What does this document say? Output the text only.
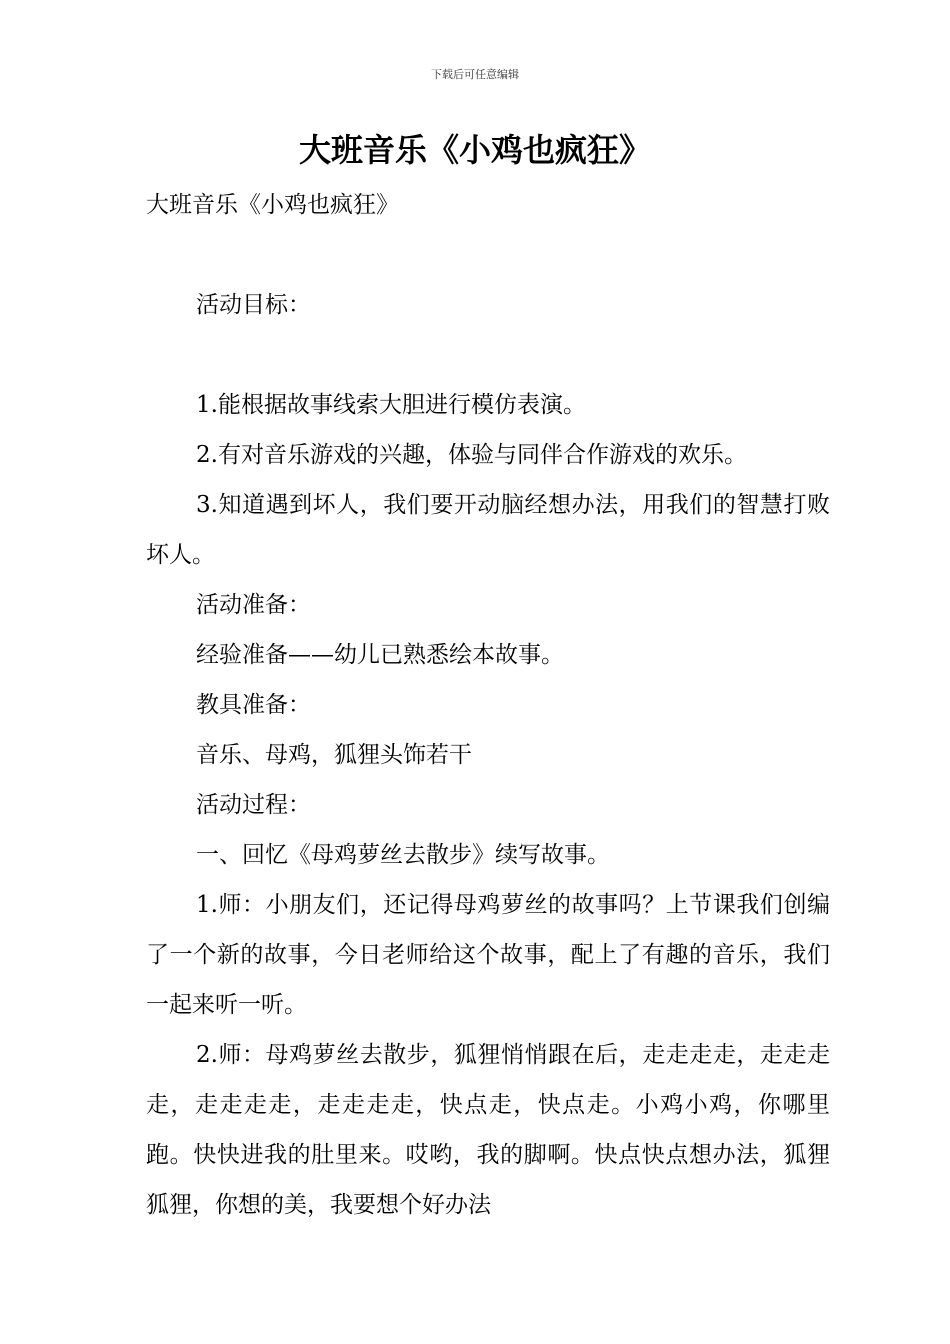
下载后可任意编辑
大班音乐《小鸡也疯狂》

大班音乐《小鸡也疯狂》

活动目标：

1.能根据故事线索大胆进行模仿表演。

2.有对音乐游戏的兴趣，体验与同伴合作游戏的欢乐。

3.知道遇到坏人，我们要开动脑经想办法，用我们的智慧打败坏人。

活动准备：

经验准备——幼儿已熟悉绘本故事。

教具准备：

音乐、母鸡，狐狸头饰若干

活动过程：

一、回忆《母鸡萝丝去散步》续写故事。

1.师：小朋友们，还记得母鸡萝丝的故事吗？上节课我们创编了一个新的故事，今日老师给这个故事，配上了有趣的音乐，我们一起来听一听。

2.师：母鸡萝丝去散步，狐狸悄悄跟在后，走走走走，走走走走，走走走走，走走走走，快点走，快点走。小鸡小鸡，你哪里跑。快快进我的肚里来。哎哟，我的脚啊。快点快点想办法，狐狸狐狸，你想的美，我要想个好办法
